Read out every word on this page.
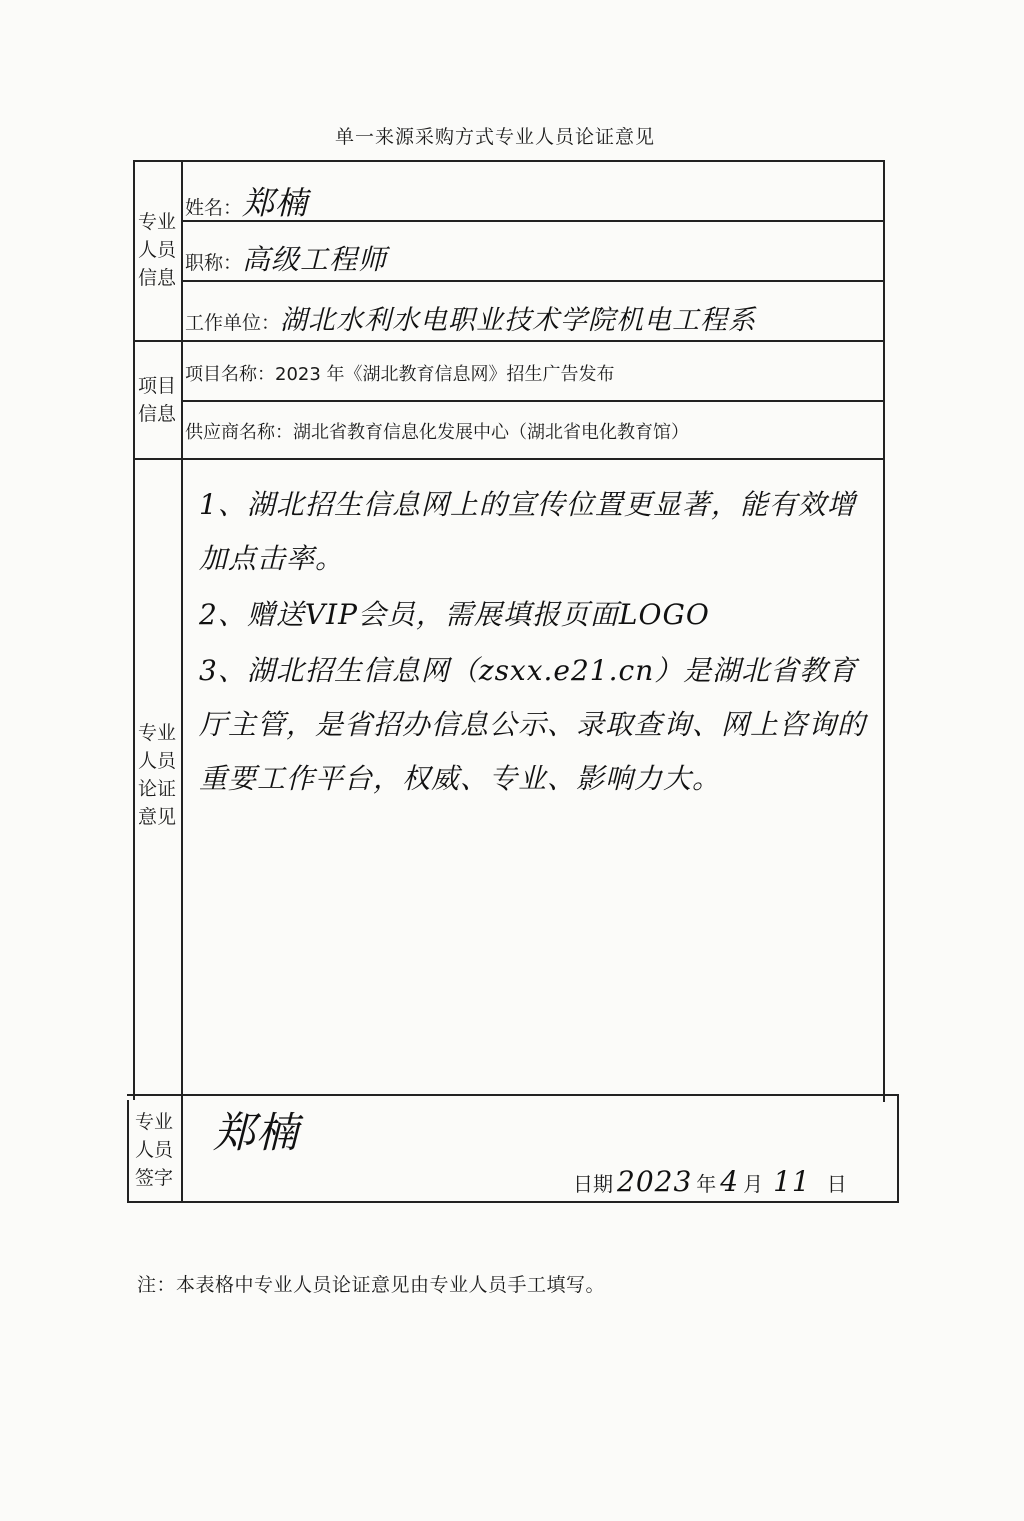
单一来源采购方式专业人员论证意见
专业
人员
信息
项目
信息
专业
人员
论证
意见
专业
人员
签字
姓名：郑楠
职称：高级工程师
工作单位：湖北水利水电职业技术学院机电工程系
项目名称：2023 年《湖北教育信息网》招生广告发布
供应商名称：湖北省教育信息化发展中心（湖北省电化教育馆）

1、湖北招生信息网上的宣传位置更显著，能有效增加点击率。

2、赠送VIP会员，需展填报页面LOGO

3、湖北招生信息网（zsxx.e21.cn）是湖北省教育厅主管，是省招办信息公示、录取查询、网上咨询的重要工作平台，权威、专业、影响力大。

郑楠
日期 2023 年 4 月 11 日
注：本表格中专业人员论证意见由专业人员手工填写。
